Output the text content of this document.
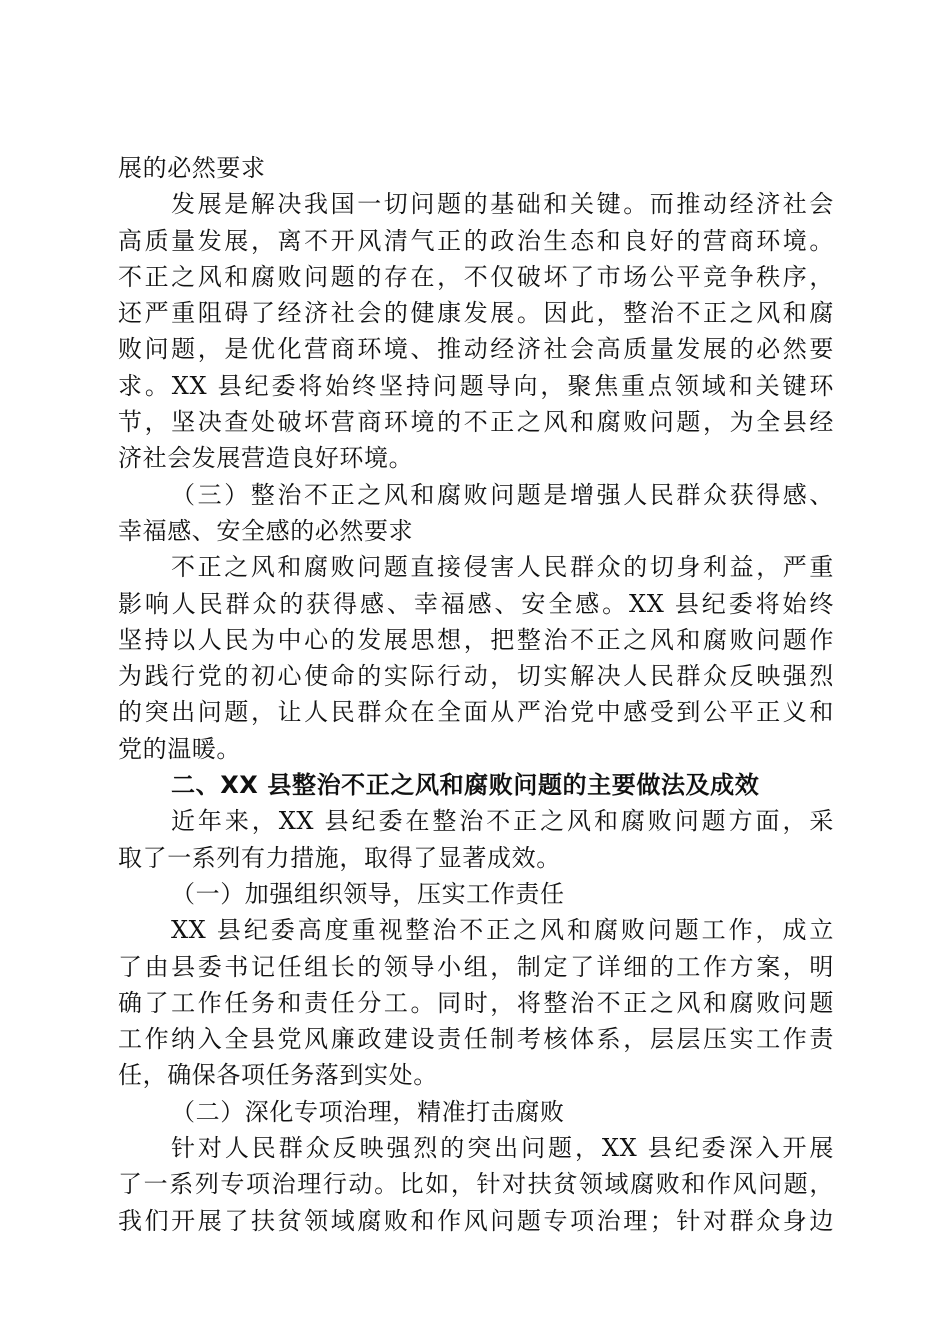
展的必然要求
发展是解决我国一切问题的基础和关键。而推动经济社会
高质量发展，离不开风清气正的政治生态和良好的营商环境。
不正之风和腐败问题的存在，不仅破坏了市场公平竞争秩序，
还严重阻碍了经济社会的健康发展。因此，整治不正之风和腐
败问题，是优化营商环境、推动经济社会高质量发展的必然要
求。XX 县纪委将始终坚持问题导向，聚焦重点领域和关键环
节，坚决查处破坏营商环境的不正之风和腐败问题，为全县经
济社会发展营造良好环境。
（三）整治不正之风和腐败问题是增强人民群众获得感、
幸福感、安全感的必然要求
不正之风和腐败问题直接侵害人民群众的切身利益，严重
影响人民群众的获得感、幸福感、安全感。XX 县纪委将始终
坚持以人民为中心的发展思想，把整治不正之风和腐败问题作
为践行党的初心使命的实际行动，切实解决人民群众反映强烈
的突出问题，让人民群众在全面从严治党中感受到公平正义和
党的温暖。
二、XX 县整治不正之风和腐败问题的主要做法及成效
近年来，XX 县纪委在整治不正之风和腐败问题方面，采
取了一系列有力措施，取得了显著成效。
（一）加强组织领导，压实工作责任
XX 县纪委高度重视整治不正之风和腐败问题工作，成立
了由县委书记任组长的领导小组，制定了详细的工作方案，明
确了工作任务和责任分工。同时，将整治不正之风和腐败问题
工作纳入全县党风廉政建设责任制考核体系，层层压实工作责
任，确保各项任务落到实处。
（二）深化专项治理，精准打击腐败
针对人民群众反映强烈的突出问题，XX 县纪委深入开展
了一系列专项治理行动。比如，针对扶贫领域腐败和作风问题，
我们开展了扶贫领域腐败和作风问题专项治理；针对群众身边
